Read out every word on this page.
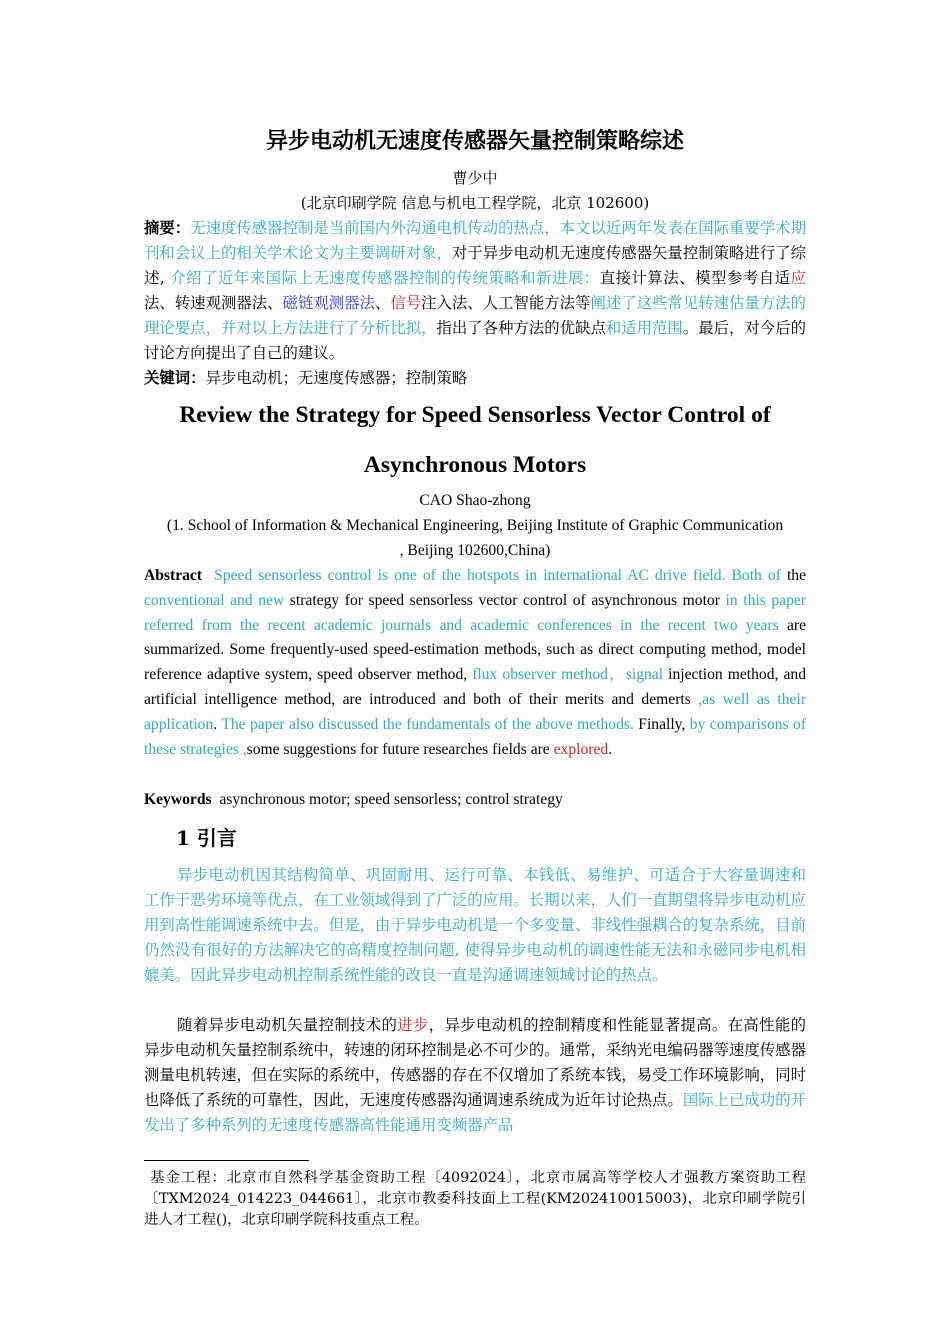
异步电动机无速度传感器矢量控制策略综述
曹少中
(北京印刷学院 信息与机电工程学院，北京 102600)
摘要：无速度传感器控制是当前国内外沟通电机传动的热点，本文以近两年发表在国际重要学术期刊和会议上的相关学术论文为主要调研对象，对于异步电动机无速度传感器矢量控制策略进行了综述, 介绍了近年来国际上无速度传感器控制的传统策略和新进展：直接计算法、模型参考自适应法、转速观测器法、磁链观测器法、信号注入法、人工智能方法等阐述了这些常见转速估量方法的理论要点，并对以上方法进行了分析比拟，指出了各种方法的优缺点和适用范围。最后，对今后的讨论方向提出了自己的建议。
关键词：异步电动机；无速度传感器；控制策略
Review the Strategy for Speed Sensorless Vector Control of
Asynchronous Motors
CAO Shao-zhong
(1. School of Information & Mechanical Engineering, Beijing Institute of Graphic Communication
, Beijing 102600,China)
Abstract Speed sensorless control is one of the hotspots in international AC drive field. Both of the conventional and new strategy for speed sensorless vector control of asynchronous motor in this paper referred from the recent academic journals and academic conferences in the recent two years are summarized. Some frequently-used speed-estimation methods, such as direct computing method, model reference adaptive system, speed observer method, flux observer method，signal injection method, and artificial intelligence method, are introduced and both of their merits and demerts ,as well as their application. The paper also discussed the fundamentals of the above methods. Finally, by comparisons of these strategies ,some suggestions for future researches fields are explored.
Keywords asynchronous motor; speed sensorless; control strategy
1 引言
异步电动机因其结构简单、巩固耐用、运行可靠、本钱低、易维护、可适合于大容量调速和工作于恶劣环境等优点，在工业领域得到了广泛的应用。长期以来，人们一直期望将异步电动机应用到高性能调速系统中去。但是，由于异步电动机是一个多变量、非线性强耦合的复杂系统，目前仍然没有很好的方法解决它的高精度控制问题, 使得异步电动机的调速性能无法和永磁同步电机相媲美。因此异步电动机控制系统性能的改良一直是沟通调速领域讨论的热点。
随着异步电动机矢量控制技术的进步，异步电动机的控制精度和性能显著提高。在高性能的异步电动机矢量控制系统中，转速的闭环控制是必不可少的。通常，采纳光电编码器等速度传感器测量电机转速，但在实际的系统中，传感器的存在不仅增加了系统本钱，易受工作环境影响，同时也降低了系统的可靠性，因此，无速度传感器沟通调速系统成为近年讨论热点。国际上已成功的开发出了多种系列的无速度传感器高性能通用变频器产品
基金工程：北京市自然科学基金资助工程〔4092024〕，北京市属高等学校人才强教方案资助工程〔TXM2024_014223_044661〕，北京市教委科技面上工程(KM202410015003)，北京印刷学院引进人才工程()，北京印刷学院科技重点工程。
